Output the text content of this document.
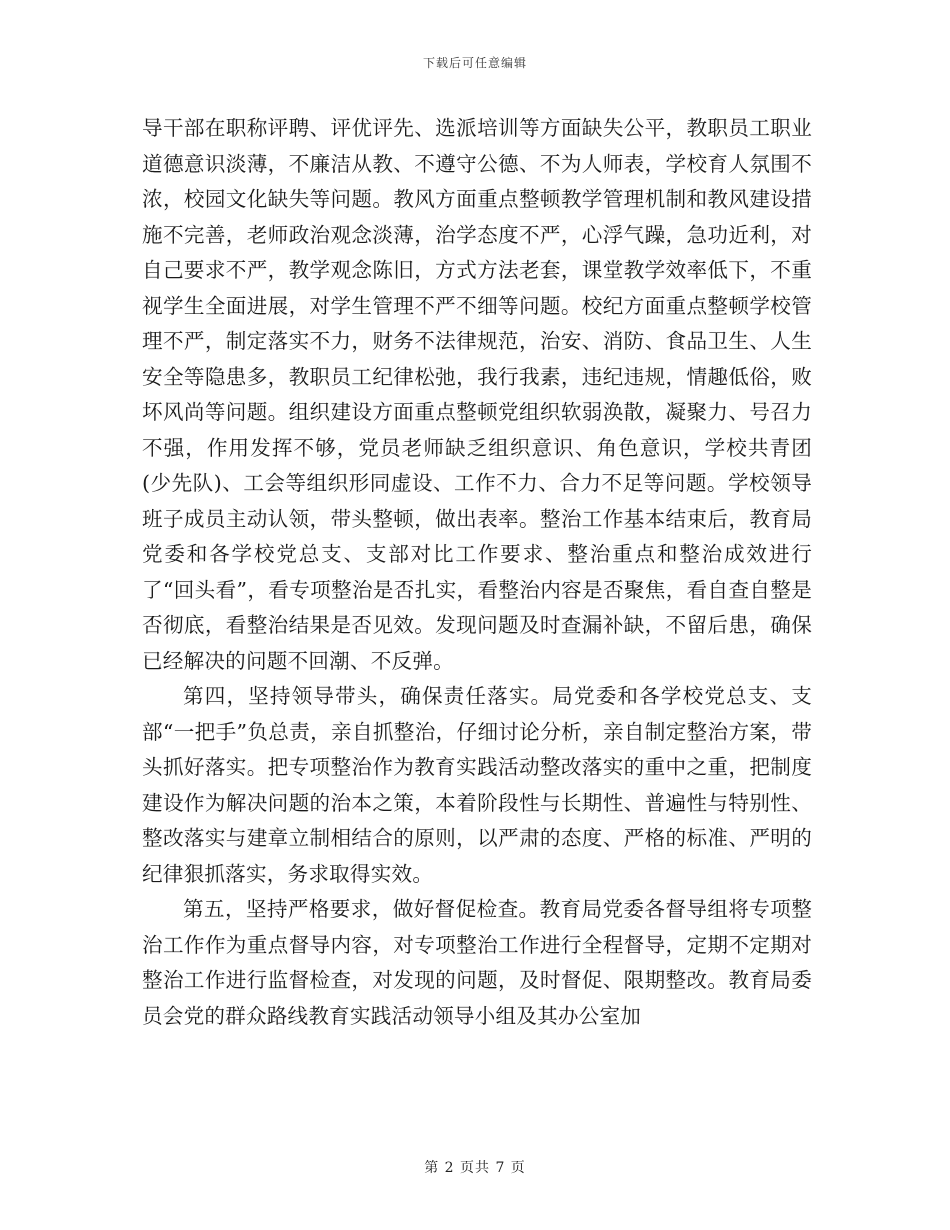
下载后可任意编辑

导干部在职称评聘、评优评先、选派培训等方面缺失公平，教职员工职业道德意识淡薄，不廉洁从教、不遵守公德、不为人师表，学校育人氛围不浓，校园文化缺失等问题。教风方面重点整顿教学管理机制和教风建设措施不完善，老师政治观念淡薄，治学态度不严，心浮气躁，急功近利，对自己要求不严，教学观念陈旧，方式方法老套，课堂教学效率低下，不重视学生全面进展，对学生管理不严不细等问题。校纪方面重点整顿学校管理不严，制定落实不力，财务不法律规范，治安、消防、食品卫生、人生安全等隐患多，教职员工纪律松弛，我行我素，违纪违规，情趣低俗，败坏风尚等问题。组织建设方面重点整顿党组织软弱涣散，凝聚力、号召力不强，作用发挥不够，党员老师缺乏组织意识、角色意识，学校共青团(少先队)、工会等组织形同虚设、工作不力、合力不足等问题。学校领导班子成员主动认领，带头整顿，做出表率。整治工作基本结束后，教育局党委和各学校党总支、支部对比工作要求、整治重点和整治成效进行了“回头看”，看专项整治是否扎实，看整治内容是否聚焦，看自查自整是否彻底，看整治结果是否见效。发现问题及时查漏补缺，不留后患，确保已经解决的问题不回潮、不反弹。

第四，坚持领导带头，确保责任落实。局党委和各学校党总支、支部“一把手”负总责，亲自抓整治，仔细讨论分析，亲自制定整治方案，带头抓好落实。把专项整治作为教育实践活动整改落实的重中之重，把制度建设作为解决问题的治本之策，本着阶段性与长期性、普遍性与特别性、整改落实与建章立制相结合的原则，以严肃的态度、严格的标准、严明的纪律狠抓落实，务求取得实效。

第五，坚持严格要求，做好督促检查。教育局党委各督导组将专项整治工作作为重点督导内容，对专项整治工作进行全程督导，定期不定期对整治工作进行监督检查，对发现的问题，及时督促、限期整改。教育局委员会党的群众路线教育实践活动领导小组及其办公室加

第 2 页共 7 页
